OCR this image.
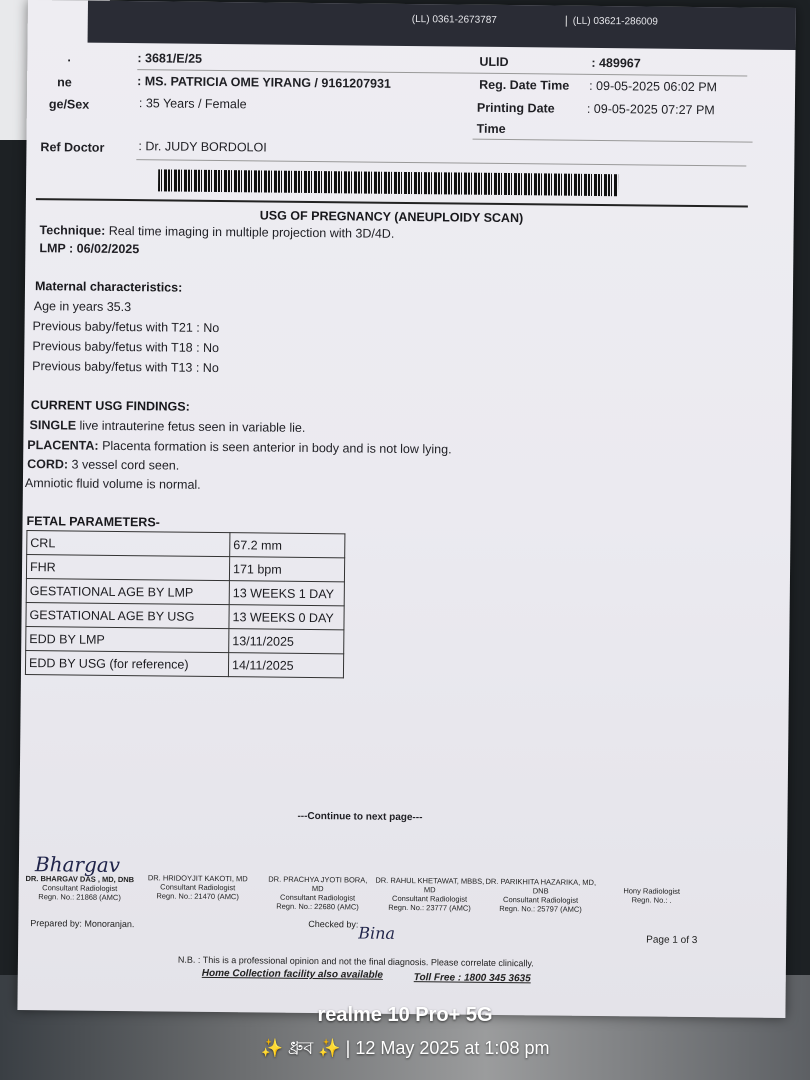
(LL) 0361-2673787	(LL) 03621-286009
.	: 3681/E/25
ne	: MS. PATRICIA OME YIRANG / 9161207931
ge/Sex	: 35 Years / Female
Ref Doctor	: Dr. JUDY BORDOLOI
ULID	: 489967
Reg. Date Time : 09-05-2025 06:02 PM
Printing Date
Time
: 09-05-2025 07:27 PM
USG OF PREGNANCY (ANEUPLOIDY SCAN)
Technique: Real time imaging in multiple projection with 3D/4D.
LMP : 06/02/2025
Maternal characteristics:
Age in years 35.3
Previous baby/fetus with T21 : No
Previous baby/fetus with T18 : No
Previous baby/fetus with T13 : No
CURRENT USG FINDINGS:
SINGLE live intrauterine fetus seen in variable lie.
PLACENTA: Placenta formation is seen anterior in body and is not low lying.
CORD: 3 vessel cord seen.
Amniotic fluid volume is normal.
FETAL PARAMETERS-
CRL	67.2 mm
FHR	171 bpm
GESTATIONAL AGE BY LMP	13 WEEKS 1 DAY
GESTATIONAL AGE BY USG	13 WEEKS 0 DAY
EDD BY LMP	13/11/2025
EDD BY USG (for reference)	14/11/2025
---Continue to next page---
Bhargav
DR. BHARGAV DAS , MD, DNB
Consultant Radiologist
Regn. No.: 21868 (AMC)
DR. HRIDOYJIT KAKOTI, MD
Consultant Radiologist
Regn. No.: 21470 (AMC)
DR. PRACHYA JYOTI BORA, MD
Consultant Radiologist
Regn. No.: 22680 (AMC)
DR. RAHUL KHETAWAT, MBBS, MD
Consultant Radiologist
Regn. No.: 23777 (AMC)
DR. PARIKHITA HAZARIKA, MD, DNB
Consultant Radiologist
Regn. No.: 25797 (AMC)
Hony Radiologist
Regn. No.: .
Prepared by: Monoranjan.	Checked by: Bina	Page 1 of 3
N.B. : This is a professional opinion and not the final diagnosis. Please correlate clinically.
Home Collection facility also available	Toll Free : 1800 345 3635
realme 10 Pro+ 5G
✨ ধ্রুব ✨ | 12 May 2025 at 1:08 pm
